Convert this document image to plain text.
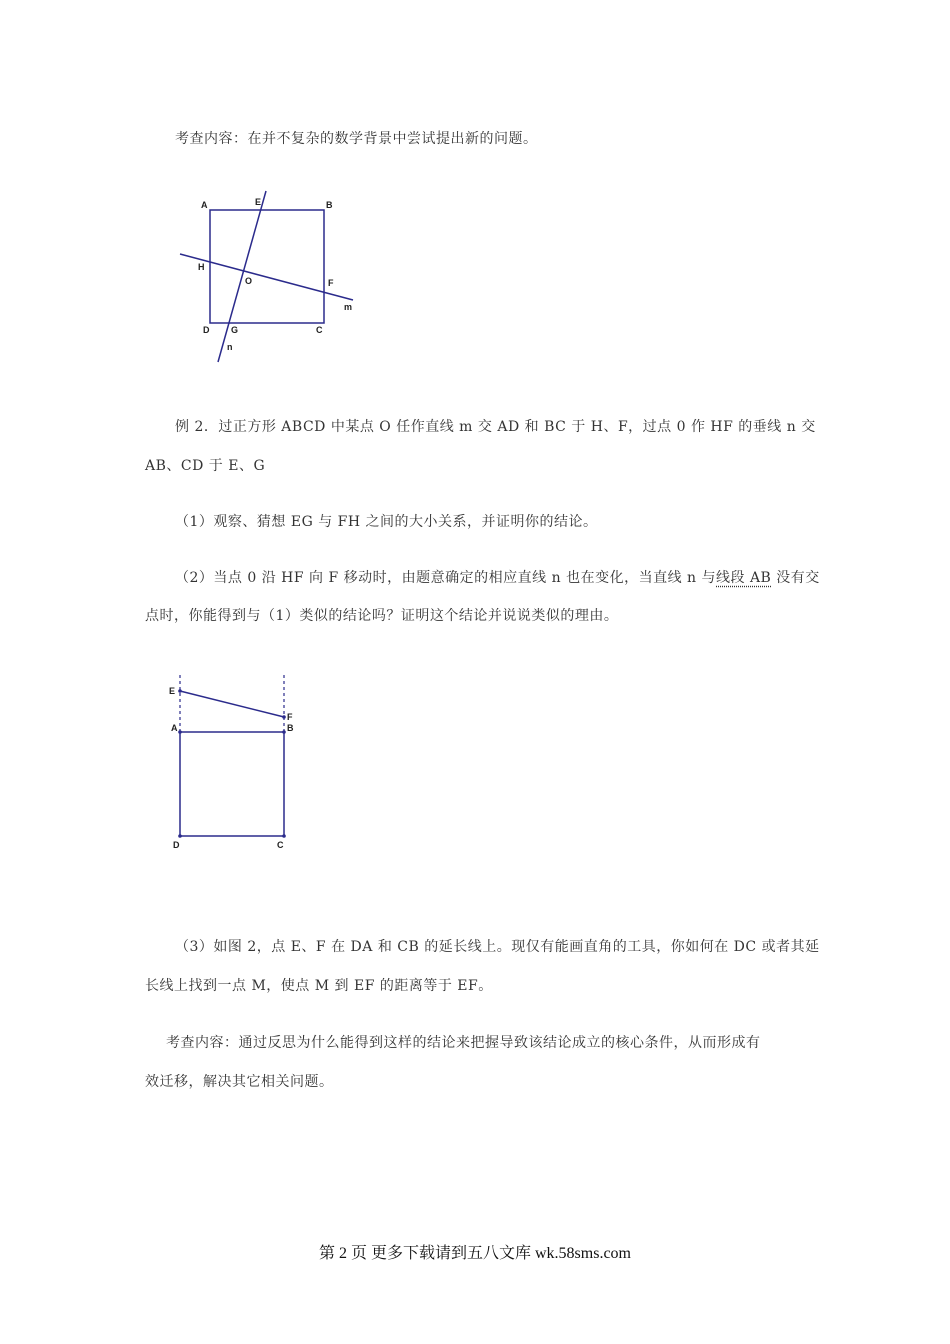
考查内容：在并不复杂的数学背景中尝试提出新的问题。
A	E	B
H
O	F
m
D G	C
n
例 2．过正方形 ABCD 中某点 O 任作直线 m 交 AD 和 BC 于 H、F，过点 0 作 HF 的垂线 n 交
AB、CD 于 E、G
（1）观察、猜想 EG 与 FH 之间的大小关系，并证明你的结论。
（2）当点 0 沿 HF 向 F 移动时，由题意确定的相应直线 n 也在变化，当直线 n 与线段 AB 没有交
点时，你能得到与（1）类似的结论吗？证明这个结论并说说类似的理由。
E
F
A	B
D	C
（3）如图 2，点 E、F 在 DA 和 CB 的延长线上。现仅有能画直角的工具，你如何在 DC 或者其延
长线上找到一点 M，使点 M 到 EF 的距离等于 EF。
考查内容：通过反思为什么能得到这样的结论来把握导致该结论成立的核心条件，从而形成有
效迁移，解决其它相关问题。
第 2 页 更多下载请到五八文库 wk.58sms.com
